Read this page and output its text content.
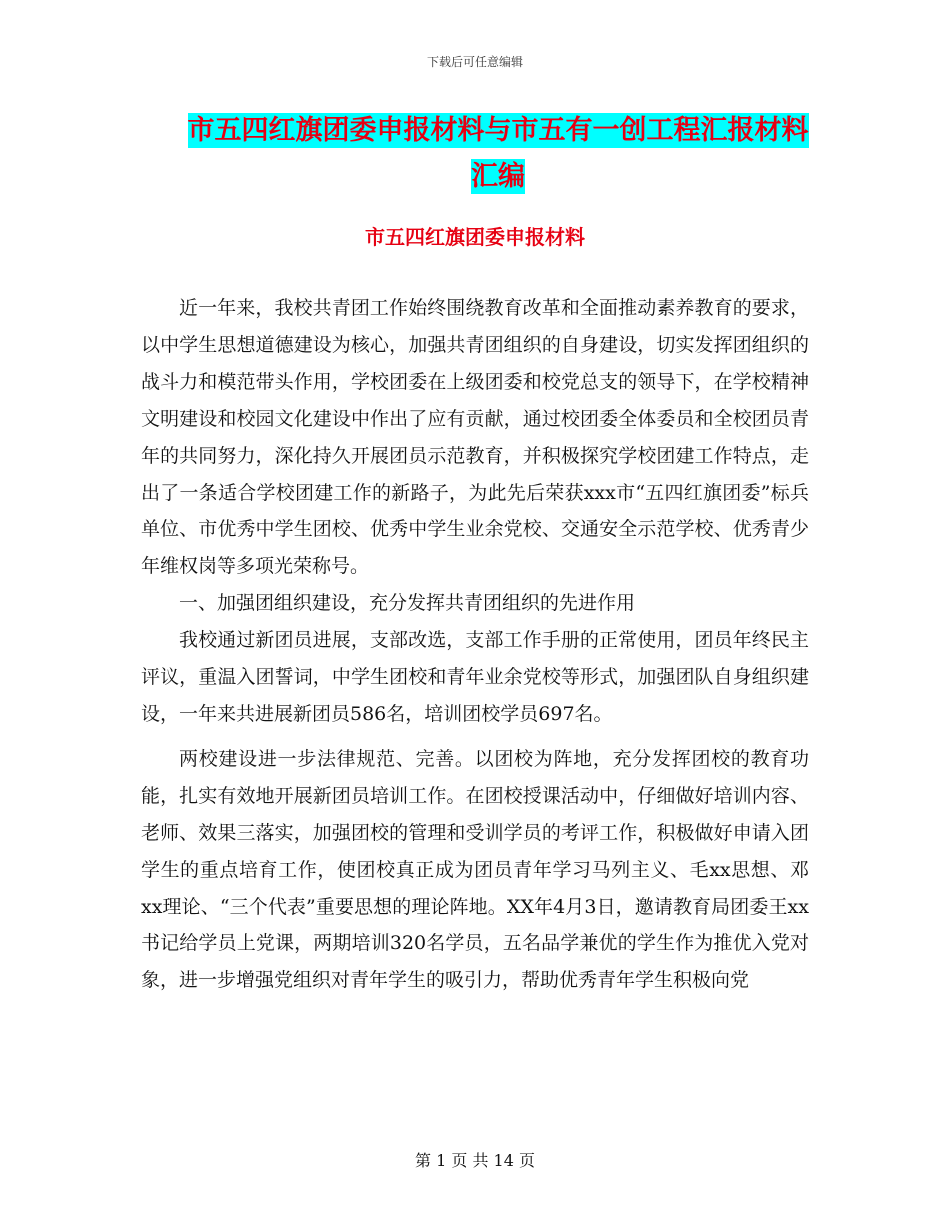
下载后可任意编辑
市五四红旗团委申报材料与市五有一创工程汇报材料
汇编
市五四红旗团委申报材料

近一年来，我校共青团工作始终围绕教育改革和全面推动素养教育的要求，以中学生思想道德建设为核心，加强共青团组织的自身建设，切实发挥团组织的战斗力和模范带头作用，学校团委在上级团委和校党总支的领导下，在学校精神文明建设和校园文化建设中作出了应有贡献，通过校团委全体委员和全校团员青年的共同努力，深化持久开展团员示范教育，并积极探究学校团建工作特点，走出了一条适合学校团建工作的新路子，为此先后荣获xxx市“五四红旗团委”标兵单位、市优秀中学生团校、优秀中学生业余党校、交通安全示范学校、优秀青少年维权岗等多项光荣称号。

一、加强团组织建设，充分发挥共青团组织的先进作用

我校通过新团员进展，支部改选，支部工作手册的正常使用，团员年终民主评议，重温入团誓词，中学生团校和青年业余党校等形式，加强团队自身组织建设，一年来共进展新团员586名，培训团校学员697名。

两校建设进一步法律规范、完善。以团校为阵地，充分发挥团校的教育功能，扎实有效地开展新团员培训工作。在团校授课活动中，仔细做好培训内容、老师、效果三落实，加强团校的管理和受训学员的考评工作，积极做好申请入团学生的重点培育工作，使团校真正成为团员青年学习马列主义、毛xx思想、邓xx理论、“三个代表”重要思想的理论阵地。XX年4月3日，邀请教育局团委王xx书记给学员上党课，两期培训320名学员，五名品学兼优的学生作为推优入党对象，进一步增强党组织对青年学生的吸引力，帮助优秀青年学生积极向党

第 1 页 共 14 页
